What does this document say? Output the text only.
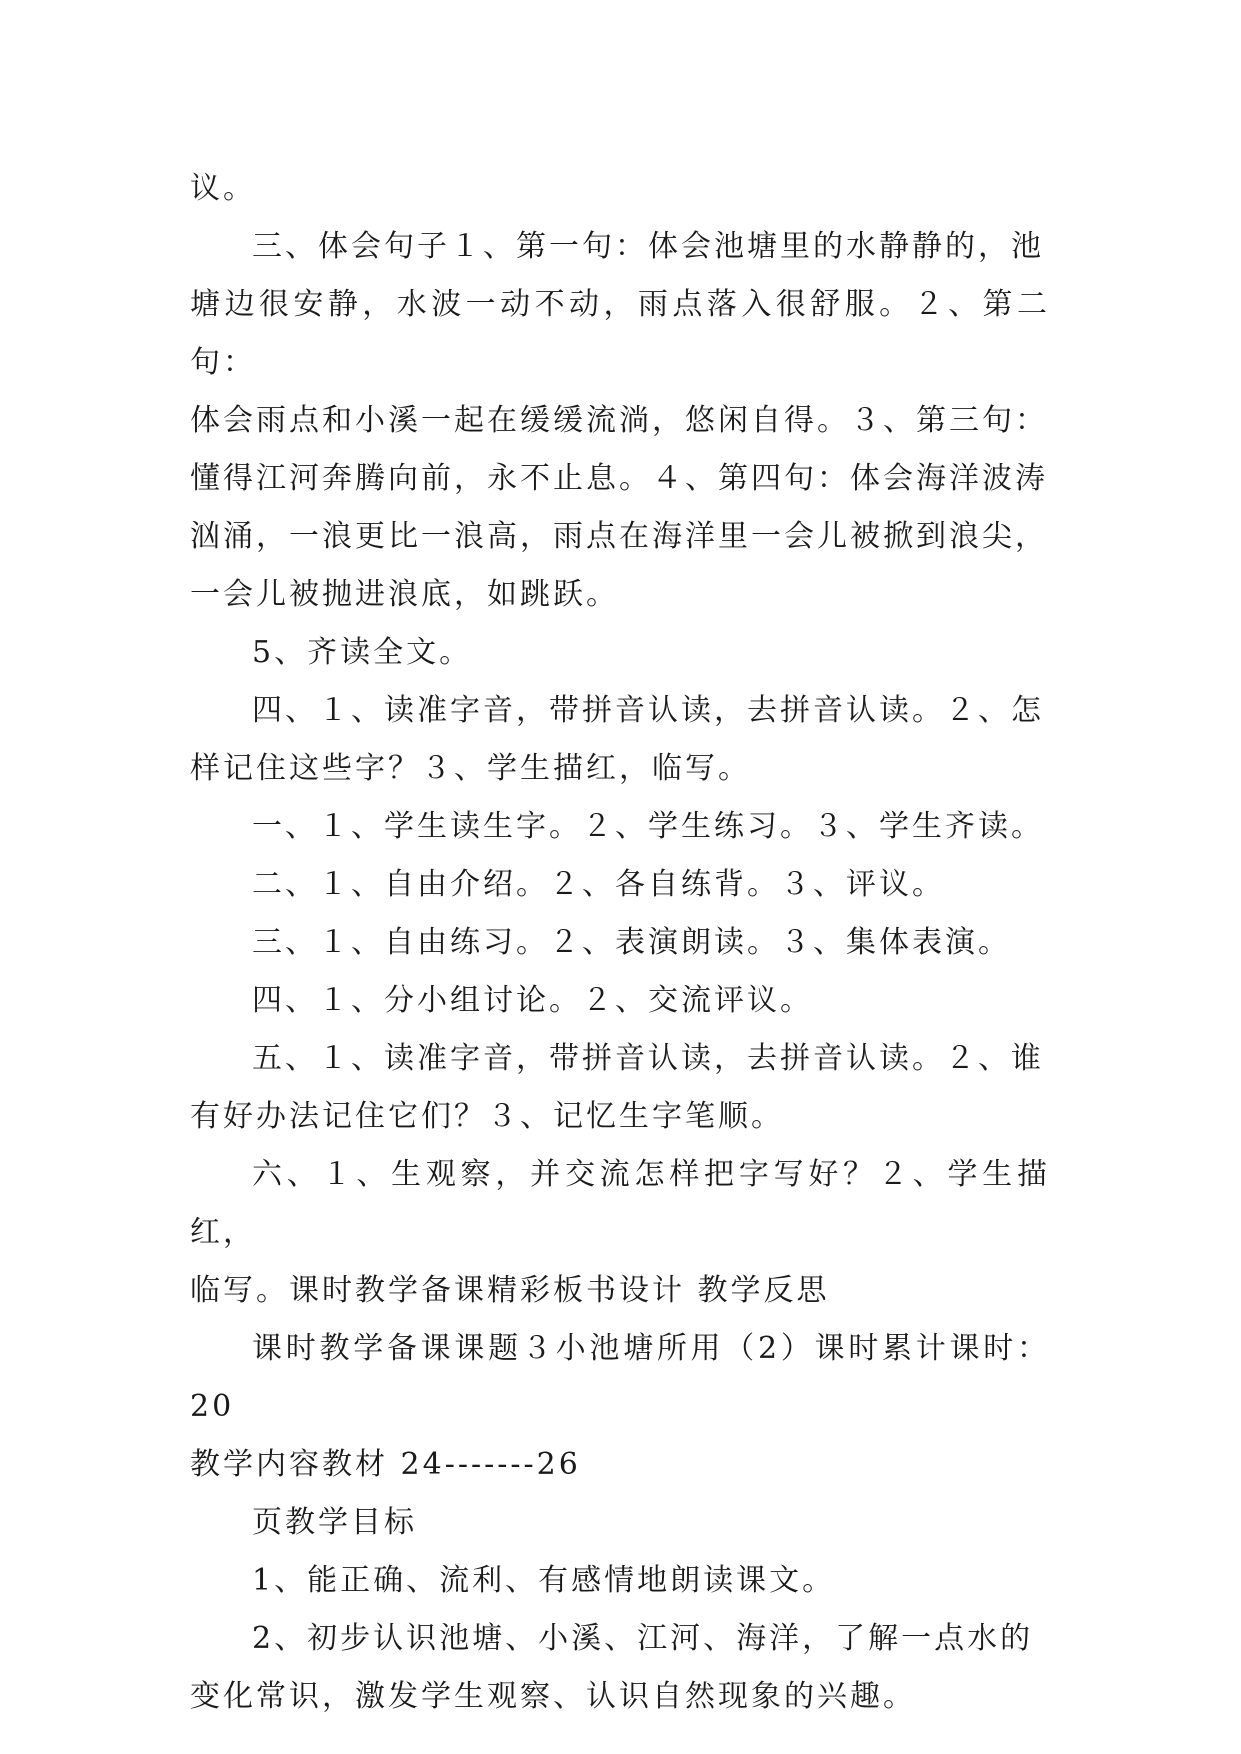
议。

三、体会句子１、第一句：体会池塘里的水静静的，池

塘边很安静，水波一动不动，雨点落入很舒服。２、第二句：
体会雨点和小溪一起在缓缓流淌，悠闲自得。３、第三句：
懂得江河奔腾向前，永不止息。４、第四句：体会海洋波涛
汹涌，一浪更比一浪高，雨点在海洋里一会儿被掀到浪尖，
一会儿被抛进浪底，如跳跃。

5、齐读全文。

四、１、读准字音，带拼音认读，去拼音认读。２、怎

样记住这些字？３、学生描红，临写。

一、１、学生读生字。２、学生练习。３、学生齐读。

二、１、自由介绍。２、各自练背。３、评议。

三、１、自由练习。２、表演朗读。３、集体表演。

四、１、分小组讨论。２、交流评议。

五、１、读准字音，带拼音认读，去拼音认读。２、谁

有好办法记住它们？３、记忆生字笔顺。

六、１、生观察，并交流怎样把字写好？２、学生描红，

临写。课时教学备课精彩板书设计 教学反思

课时教学备课课题３小池塘所用（2）课时累计课时：20

教学内容教材 24-------26

页教学目标

1、能正确、流利、有感情地朗读课文。

2、初步认识池塘、小溪、江河、海洋，了解一点水的

变化常识，激发学生观察、认识自然现象的兴趣。
